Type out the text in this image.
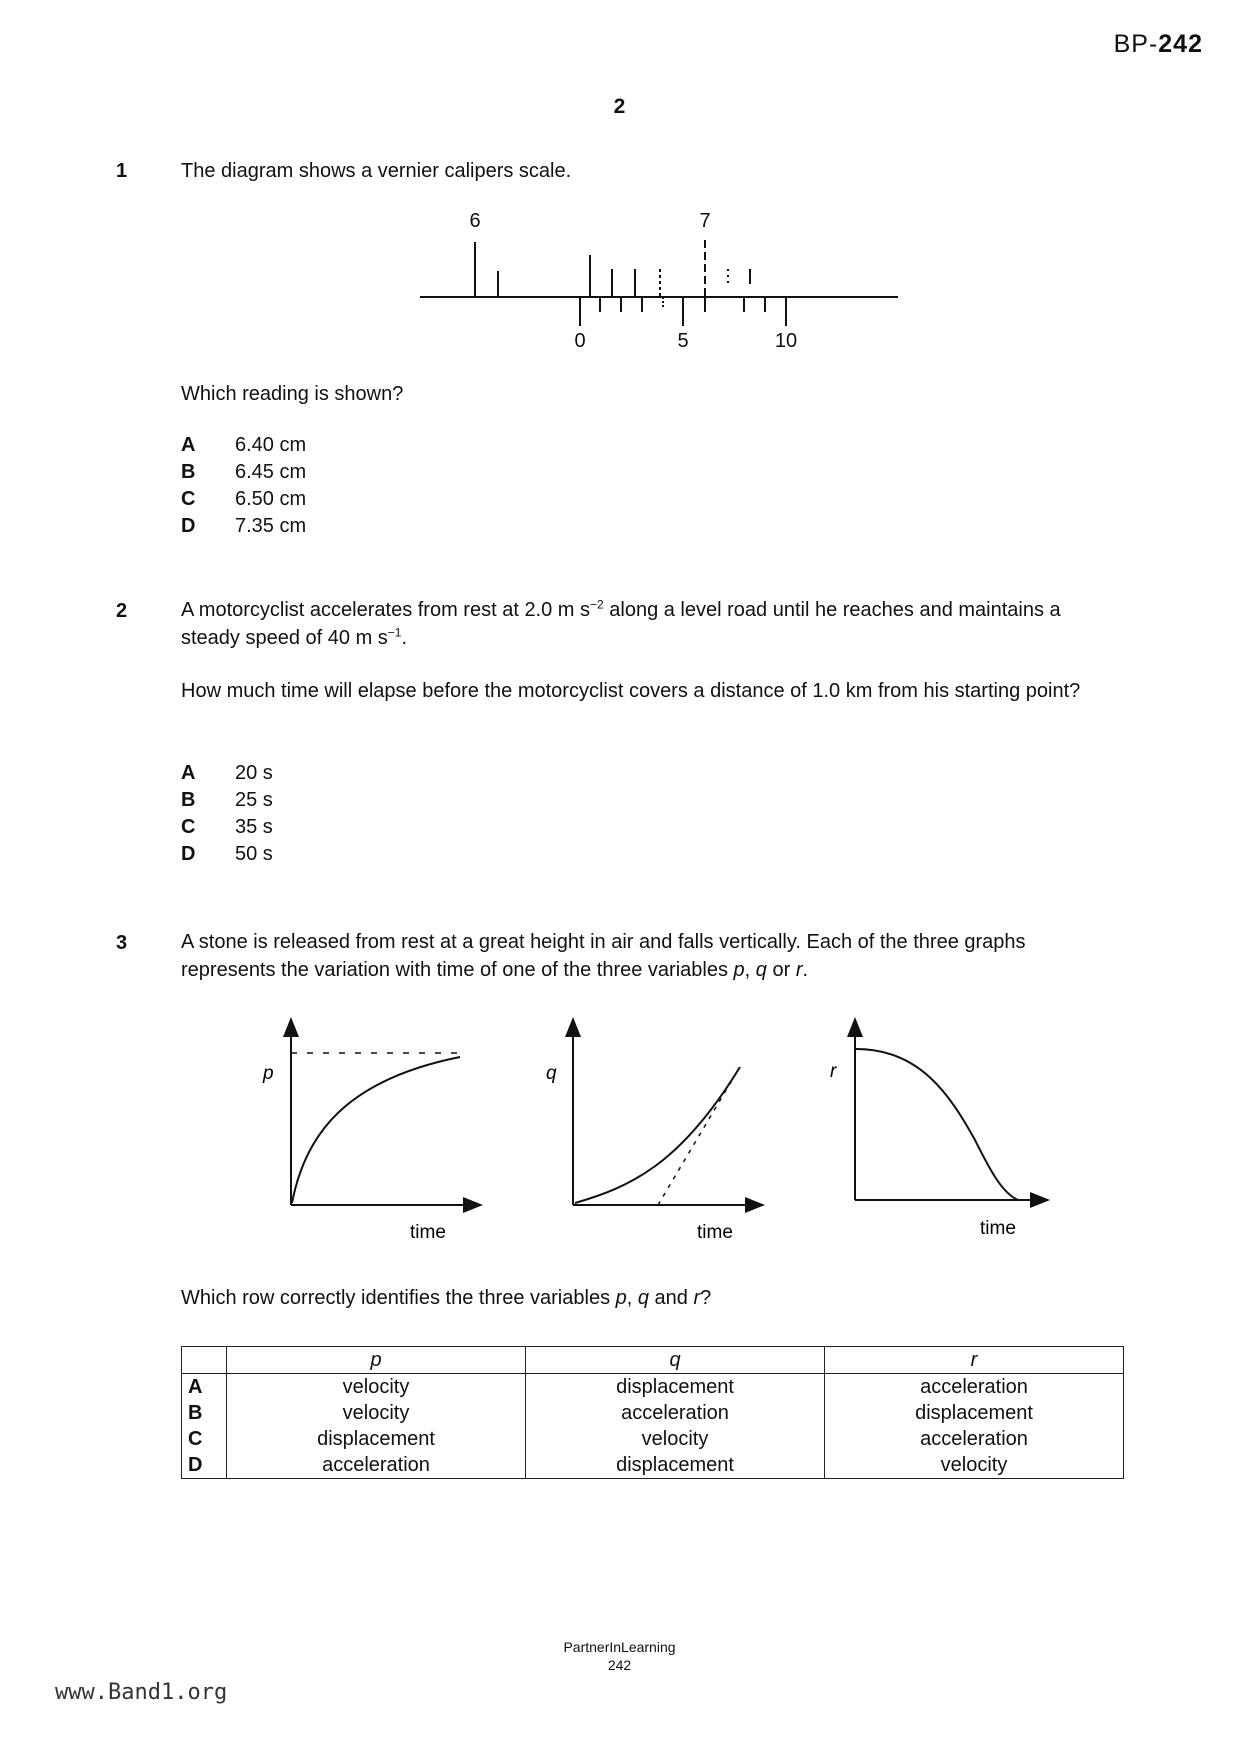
BP-242
2
1	The diagram shows a vernier calipers scale.
6	7
0	5	10
Which reading is shown?
A	6.40 cm
B	6.45 cm
C	6.50 cm
D	7.35 cm
2	A motorcyclist accelerates from rest at 2.0 m $s^{-2}$ along a level road until he reaches and maintains a steady speed of 40 m $s^{-1}$.
How much time will elapse before the motorcyclist covers a distance of 1.0 km from his starting point?
A	20 s
B	25 s
C	35 s
D	50 s
3	A stone is released from rest at a great height in air and falls vertically. Each of the three graphs represents the variation with time of one of the three variables p, q or r.
p
time
q
time
r
time
Which row correctly identifies the three variables p, q and r?
	p	q	r
A	velocity	displacement	acceleration
B	velocity	acceleration	displacement
C	displacement	velocity	acceleration
D	acceleration	displacement	velocity
PartnerInLearning
242
www.Band1.org
